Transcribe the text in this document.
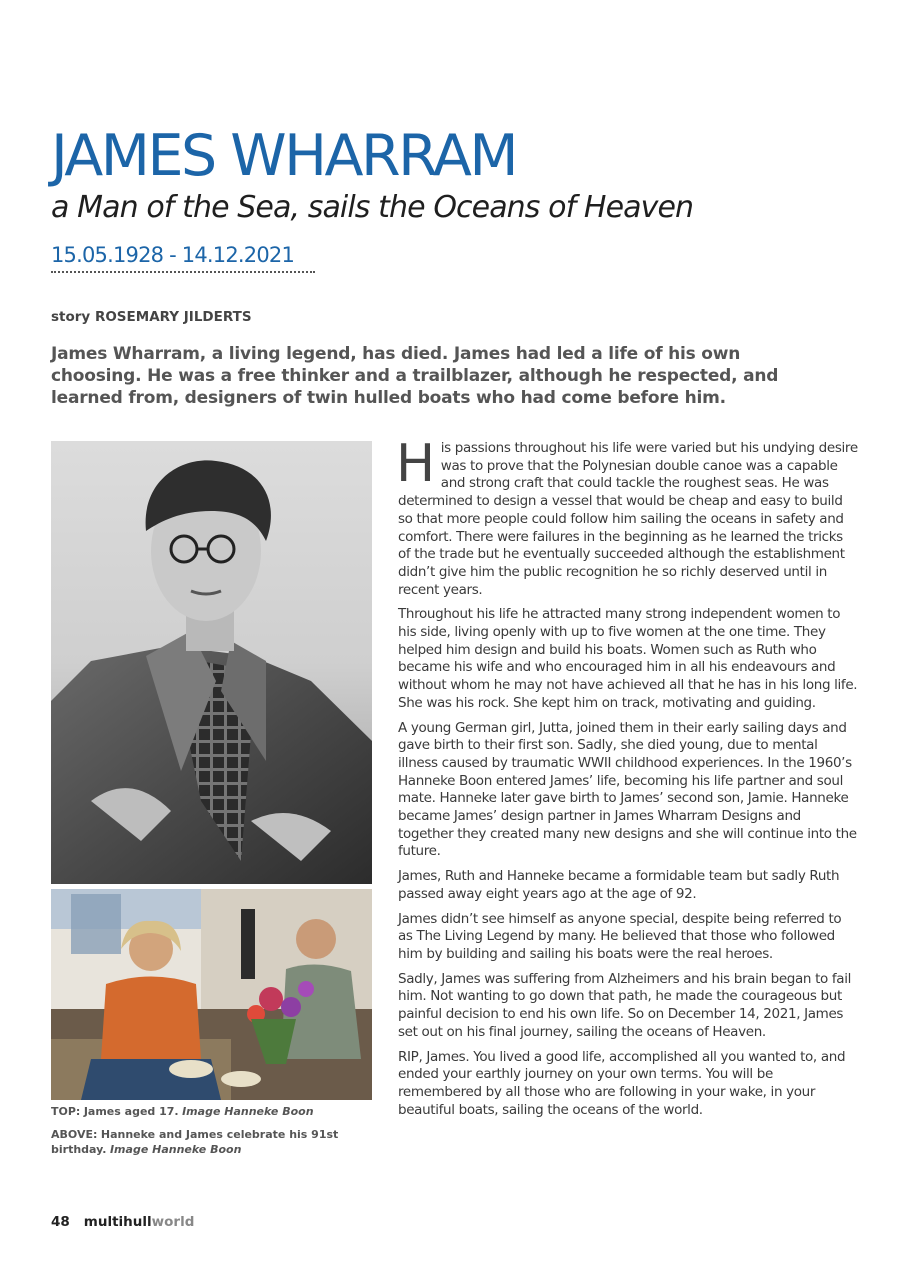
JAMES WHARRAM
a Man of the Sea, sails the Oceans of Heaven
15.05.1928 - 14.12.2021
story ROSEMARY JILDERTS

James Wharram, a living legend, has died. James had led a life of his own choosing. He was a free thinker and a trailblazer, although he respected, and learned from, designers of twin hulled boats who had come before him.

TOP: James aged 17. Image Hanneke Boon
ABOVE: Hanneke and James celebrate his 91st birthday. Image Hanneke Boon

His passions throughout his life were varied but his undying desire was to prove that the Polynesian double canoe was a capable and strong craft that could tackle the roughest seas. He was determined to design a vessel that would be cheap and easy to build so that more people could follow him sailing the oceans in safety and comfort. There were failures in the beginning as he learned the tricks of the trade but he eventually succeeded although the establishment didn’t give him the public recognition he so richly deserved until in recent years.

Throughout his life he attracted many strong independent women to his side, living openly with up to five women at the one time. They helped him design and build his boats. Women such as Ruth who became his wife and who encouraged him in all his endeavours and without whom he may not have achieved all that he has in his long life. She was his rock. She kept him on track, motivating and guiding.

A young German girl, Jutta, joined them in their early sailing days and gave birth to their first son. Sadly, she died young, due to mental illness caused by traumatic WWII childhood experiences. In the 1960’s Hanneke Boon entered James’ life, becoming his life partner and soul mate. Hanneke later gave birth to James’ second son, Jamie. Hanneke became James’ design partner in James Wharram Designs and together they created many new designs and she will continue into the future.

James, Ruth and Hanneke became a formidable team but sadly Ruth passed away eight years ago at the age of 92.

James didn’t see himself as anyone special, despite being referred to as The Living Legend by many. He believed that those who followed him by building and sailing his boats were the real heroes.

Sadly, James was suffering from Alzheimers and his brain began to fail him. Not wanting to go down that path, he made the courageous but painful decision to end his own life. So on December 14, 2021, James set out on his final journey, sailing the oceans of Heaven.

RIP, James. You lived a good life, accomplished all you wanted to, and ended your earthly journey on your own terms. You will be remembered by all those who are following in your wake, in your beautiful boats, sailing the oceans of the world.

48 multihullworld
